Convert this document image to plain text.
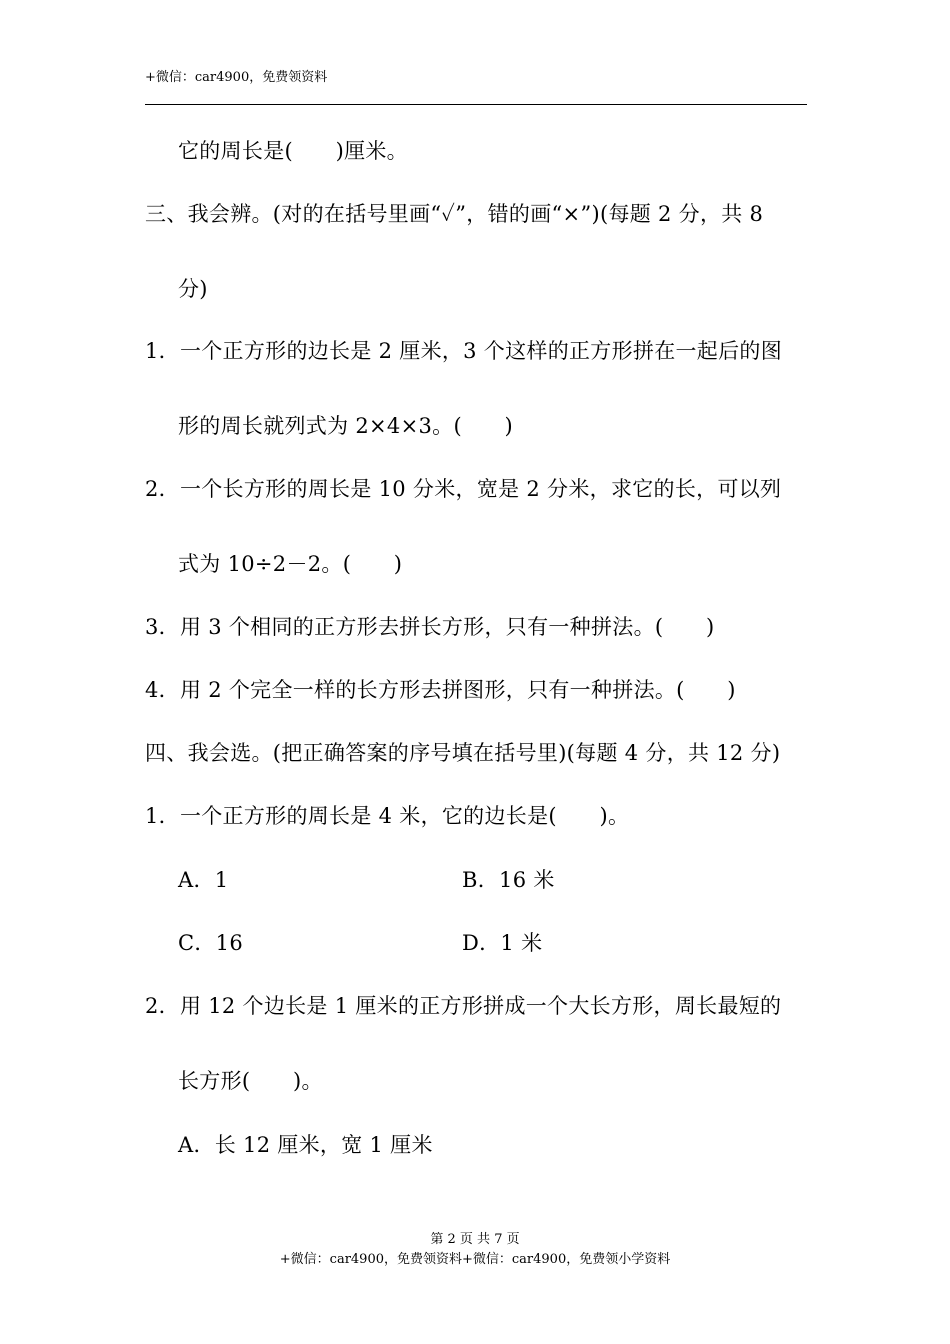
+微信：car4900，免费领资料
它的周长是(　　)厘米。
三、我会辨。(对的在括号里画“✓”，错的画“×”)(每题 2 分，共 8
分)
1．一个正方形的边长是 2 厘米，3 个这样的正方形拼在一起后的图
形的周长就列式为 2×4×3。(　　)
2．一个长方形的周长是 10 分米，宽是 2 分米，求它的长，可以列
式为 10÷2－2。(　　)
3．用 3 个相同的正方形去拼长方形，只有一种拼法。(　　)
4．用 2 个完全一样的长方形去拼图形，只有一种拼法。(　　)
四、我会选。(把正确答案的序号填在括号里)(每题 4 分，共 12 分)
1．一个正方形的周长是 4 米，它的边长是(　　)。
A．1	B．16 米
C．16	D．1 米
2．用 12 个边长是 1 厘米的正方形拼成一个大长方形，周长最短的
长方形(　　)。
A．长 12 厘米，宽 1 厘米
第 2 页 共 7 页
+微信：car4900，免费领资料+微信：car4900，免费领小学资料
